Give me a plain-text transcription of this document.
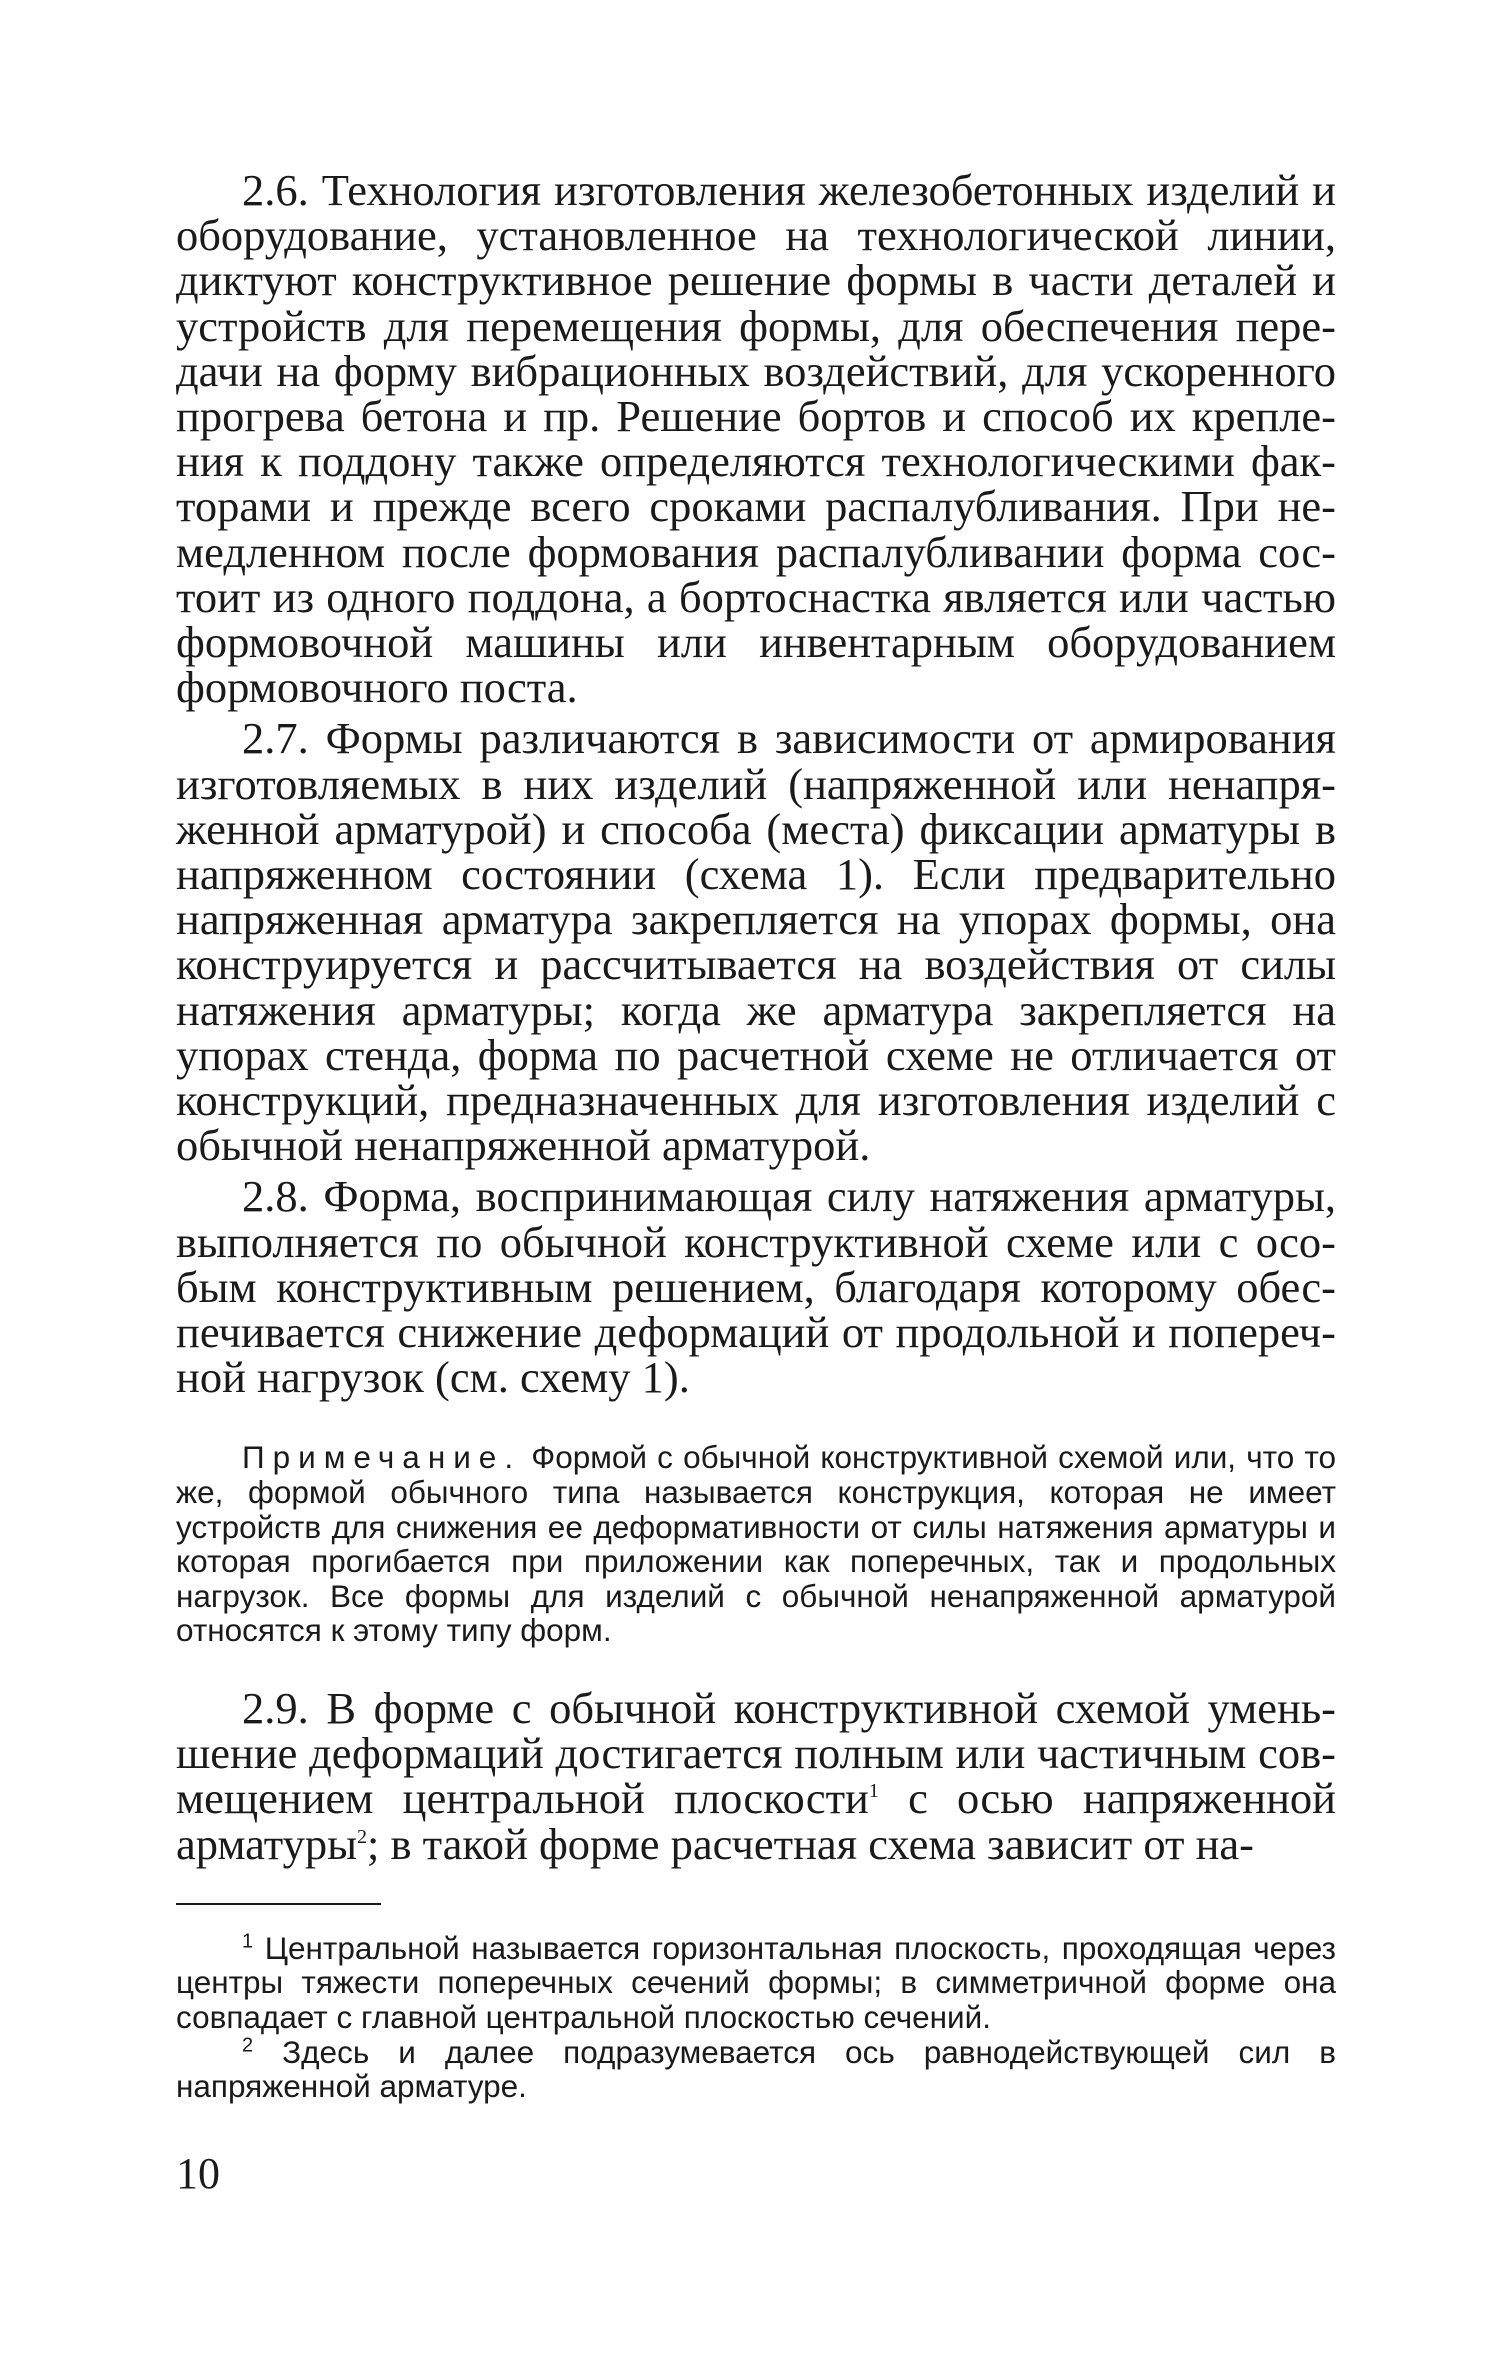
2.6. Технология изготовления железобетонных изделий и оборудование, установленное на технологической линии, диктуют конструктивное решение формы в части деталей и устройств для перемещения формы, для обеспечения передачи на форму вибрационных воздействий, для ускоренного прогрева бетона и пр. Решение бортов и способ их крепления к поддону также определяются технологическими факторами и прежде всего сроками распалубливания. При немедленном после формования распалубливании форма состоит из одного поддона, а бортоснастка является или частью формовочной машины или инвентарным оборудованием формовочного поста.

2.7. Формы различаются в зависимости от армирования изготовляемых в них изделий (напряженной или ненапряженной арматурой) и способа (места) фиксации арматуры в напряженном состоянии (схема 1). Если предварительно напряженная арматура закрепляется на упорах формы, она конструируется и рассчитывается на воздействия от силы натяжения арматуры; когда же арматура закрепляется на упорах стенда, форма по расчетной схеме не отличается от конструкций, предназначенных для изготовления изделий с обычной ненапряженной арматурой.

2.8. Форма, воспринимающая силу натяжения арматуры, выполняется по обычной конструктивной схеме или с особым конструктивным решением, благодаря которому обеспечивается снижение деформаций от продольной и поперечной нагрузок (см. схему 1).

Примечание. Формой с обычной конструктивной схемой или, что то же, формой обычного типа называется конструкция, которая не имеет устройств для снижения ее деформативности от силы натяжения арматуры и которая прогибается при приложении как поперечных, так и продольных нагрузок. Все формы для изделий с обычной ненапряженной арматурой относятся к этому типу форм.

2.9. В форме с обычной конструктивной схемой уменьшение деформаций достигается полным или частичным совмещением центральной плоскости$^1$ с осью напряженной арматуры$^2$; в такой форме расчетная схема зависит от на-

$^1$ Центральной называется горизонтальная плоскость, проходящая через центры тяжести поперечных сечений формы; в симметричной форме она совпадает с главной центральной плоскостью сечений.

$^2$ Здесь и далее подразумевается ось равнодействующей сил в напряженной арматуре.

10
